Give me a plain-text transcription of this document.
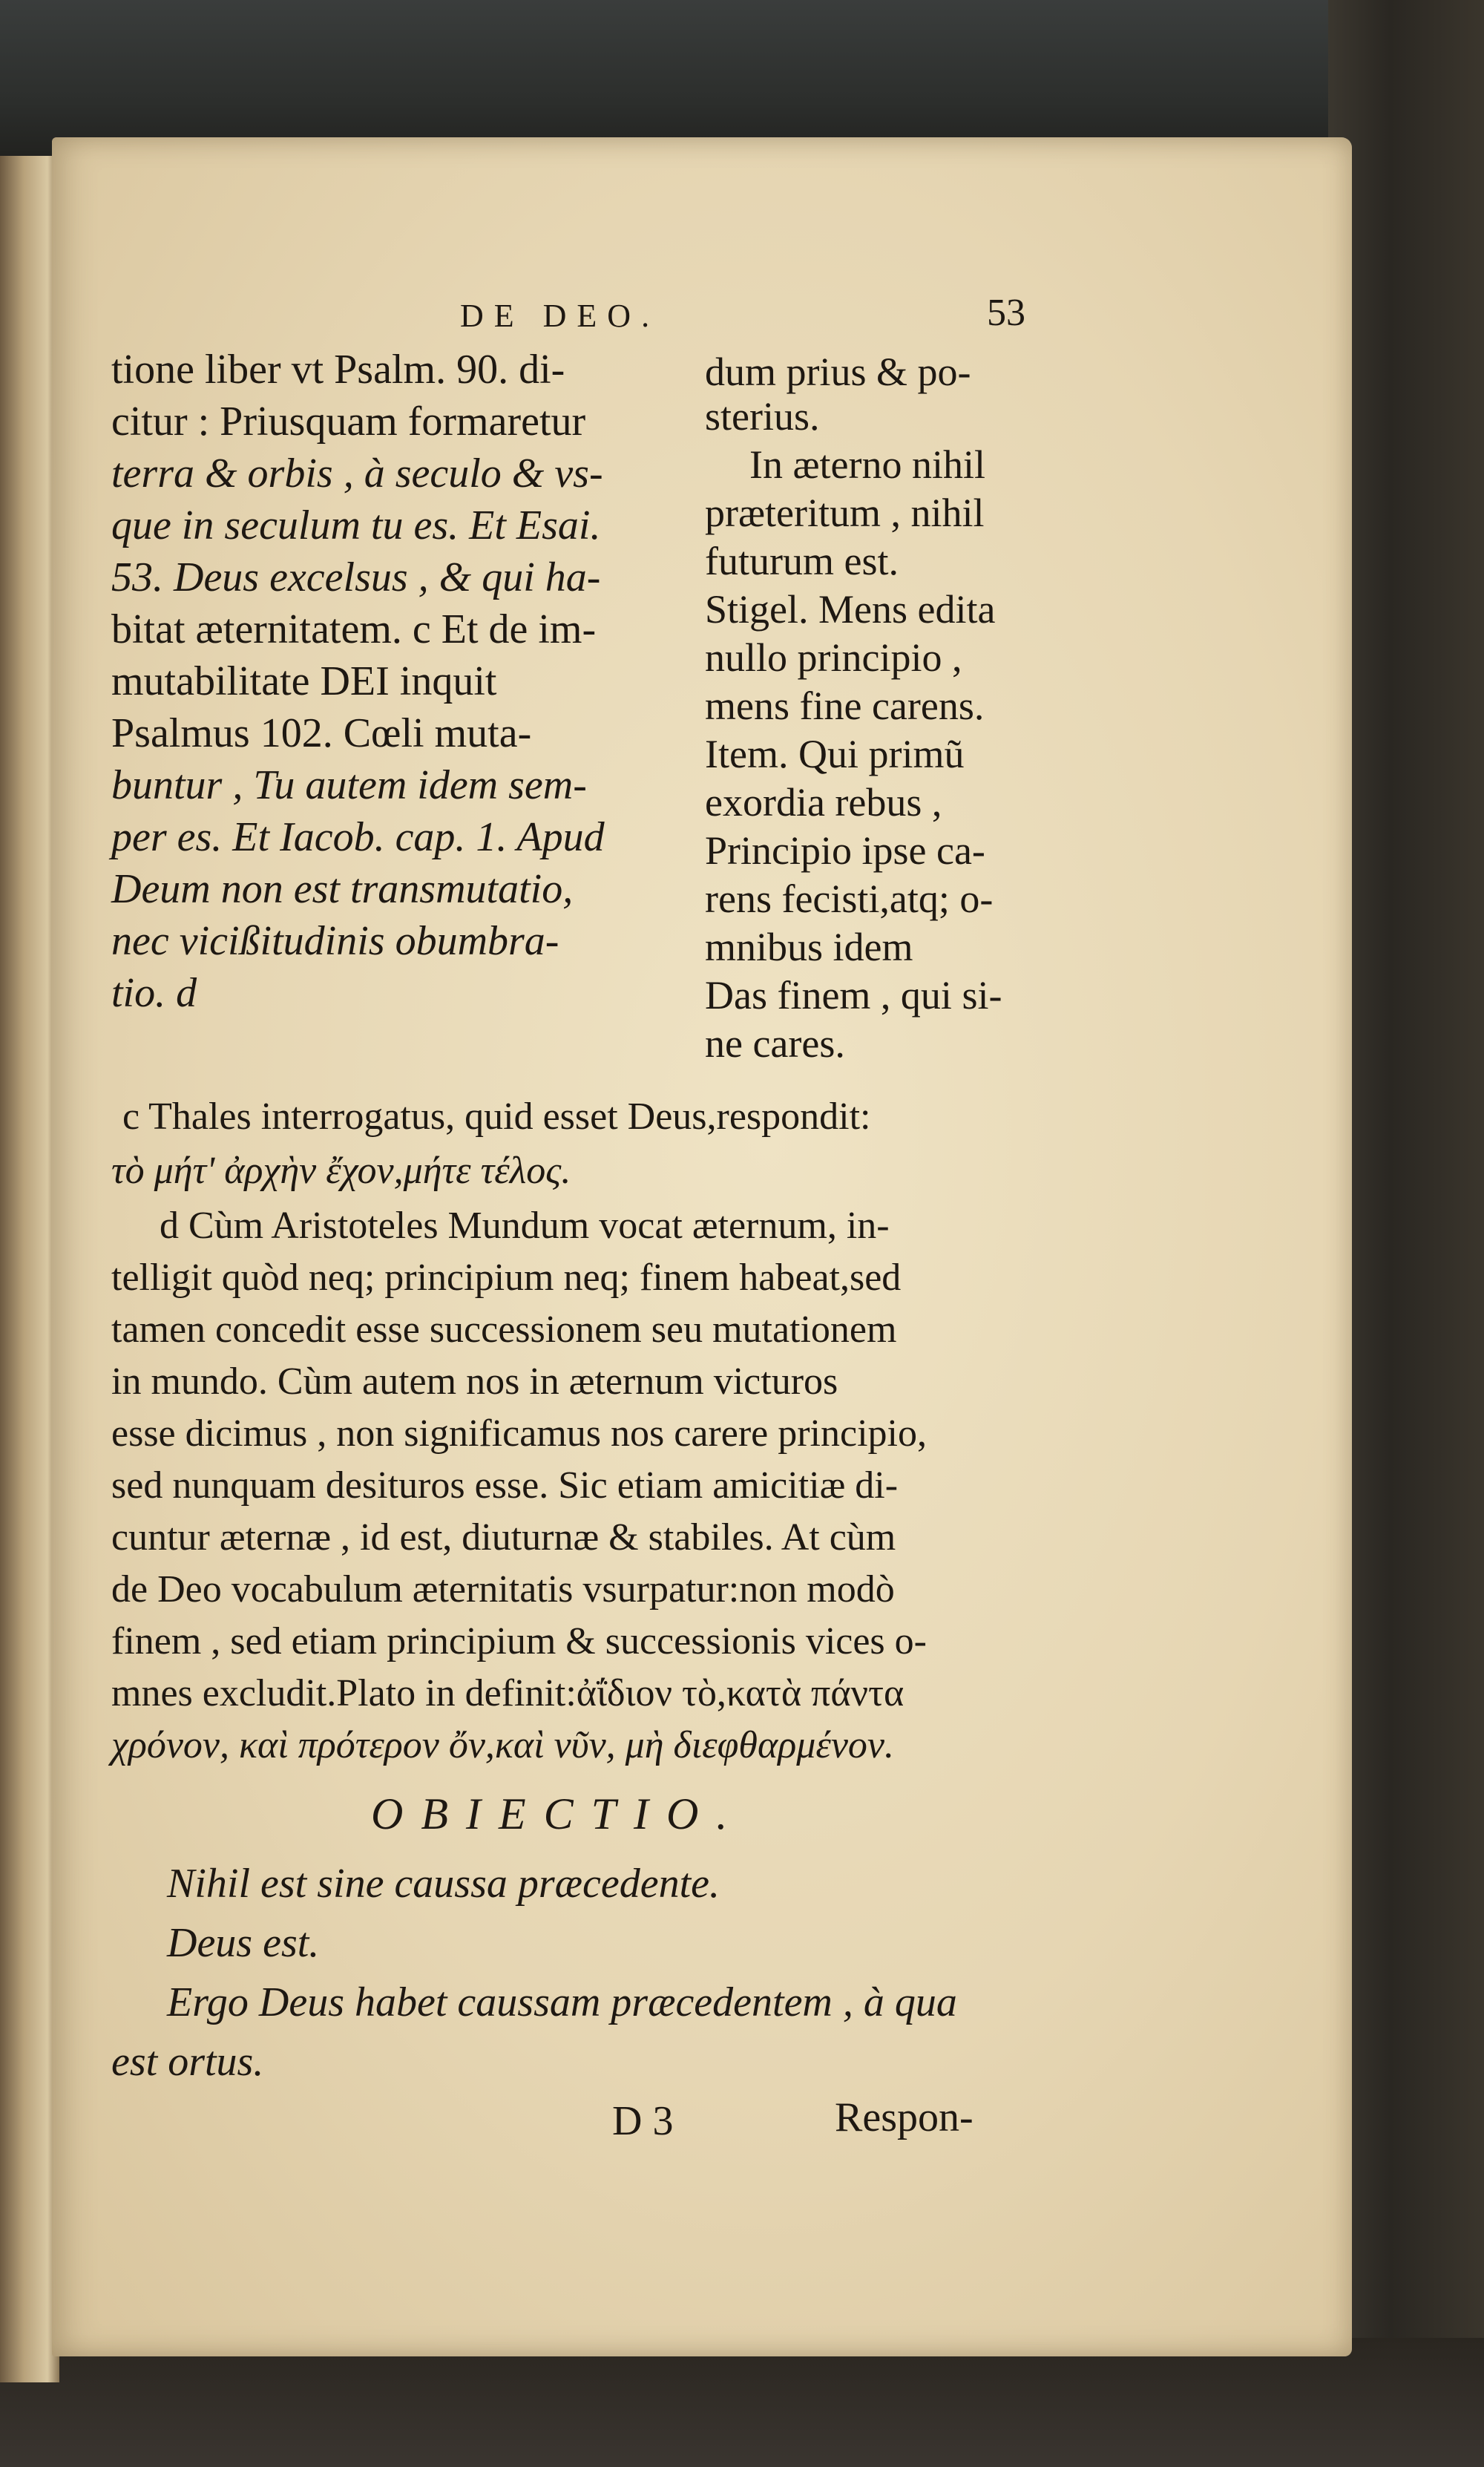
DE DEO.	53
tione liber vt Psalm. 90. di-
citur : Priusquam formaretur
terra & orbis , à seculo & vs-
que in seculum tu es. Et Esai.
53. Deus excelsus , & qui ha-
bitat æternitatem. c Et de im-
mutabilitate DEI inquit
Psalmus 102. Cœli muta-
buntur , Tu autem idem sem-
per es. Et Iacob. cap. 1. Apud
Deum non est transmutatio,
nec vicißitudinis obumbra-
tio. d
dum prius & po-
sterius.
In æterno nihil
præteritum , nihil
futurum est.
Stigel. Mens edita
nullo principio ,
mens fine carens.
Item. Qui primũ
exordia rebus ,
Principio ipse ca-
rens fecisti,atq; o-
mnibus idem
Das finem , qui si-
ne cares.
c Thales interrogatus, quid esset Deus,respondit:
τὸ μήτ' ἀρχὴν ἔχον,μήτε τέλος.
d Cùm Aristoteles Mundum vocat æternum, in-
telligit quòd neq; principium neq; finem habeat,sed
tamen concedit esse successionem seu mutationem
in mundo. Cùm autem nos in æternum victuros
esse dicimus , non significamus nos carere principio,
sed nunquam desituros esse. Sic etiam amicitiæ di-
cuntur æternæ , id est, diuturnæ & stabiles. At cùm
de Deo vocabulum æternitatis vsurpatur:non modò
finem , sed etiam principium & successionis vices o-
mnes excludit.Plato in definit:ἀΐδιον τὸ,κατὰ πάντα
χρόνον, καὶ πρότερον ὄν,καὶ νῦν, μὴ διεφθαρμένον.
OBIECTIO.
Nihil est sine caussa præcedente.
Deus est.
Ergo Deus habet caussam præcedentem , à qua
est ortus.
D 3	Respon-
